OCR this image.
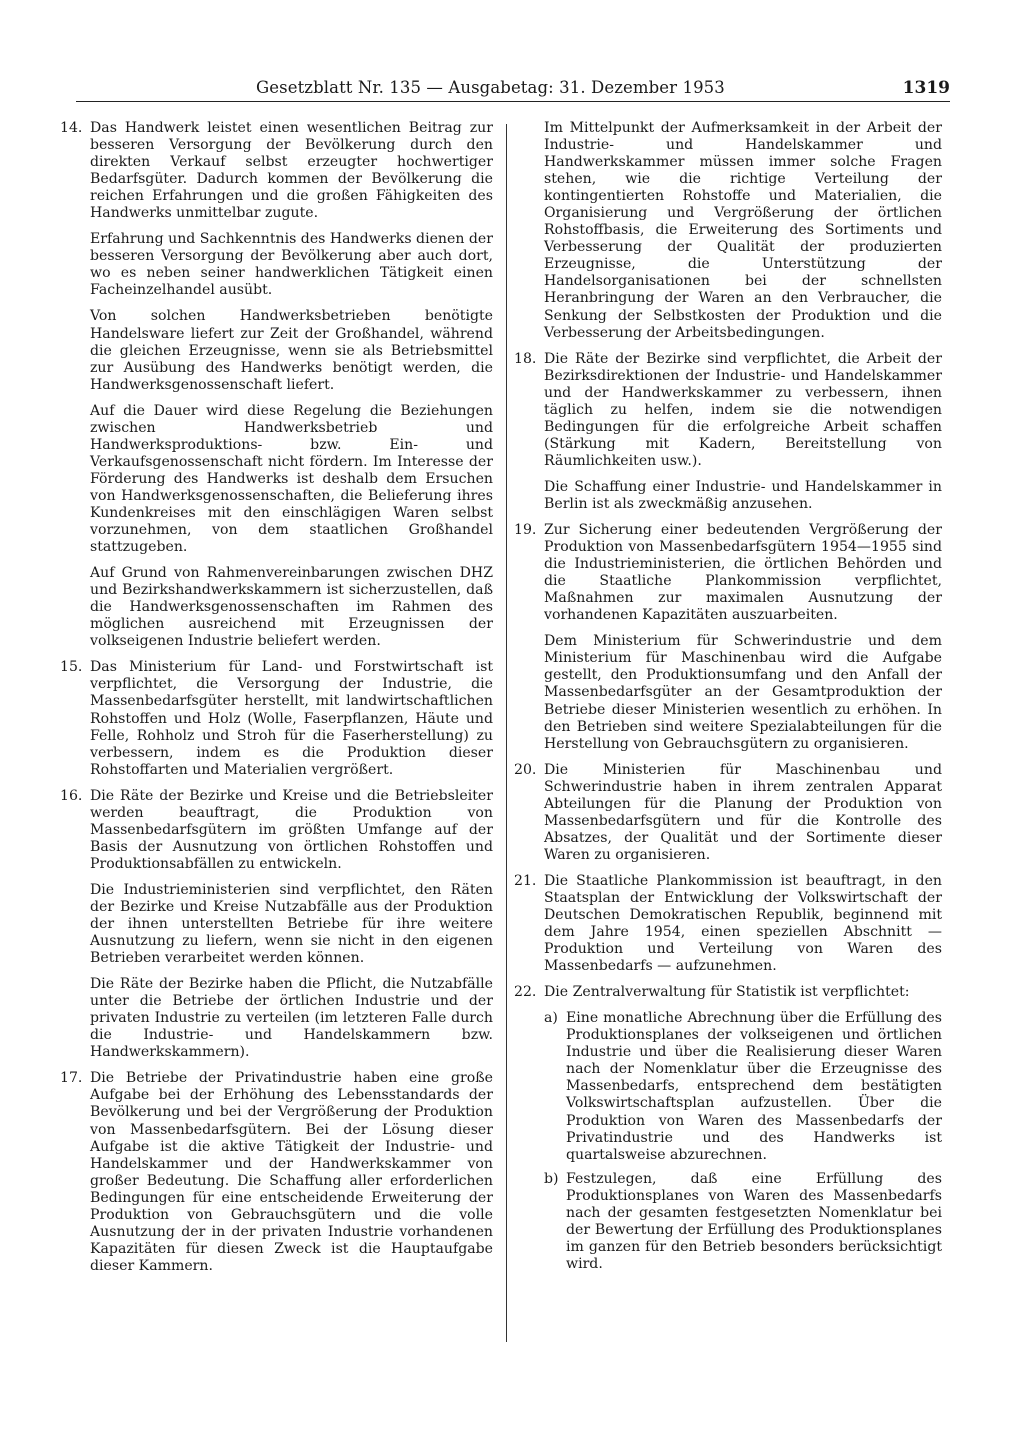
Gesetzblatt Nr. 135 — Ausgabetag: 31. Dezember 1953	1319
14. Das Handwerk leistet einen wesentlichen Beitrag zur besseren Versorgung der Bevölkerung durch den direkten Verkauf selbst erzeugter hochwertiger Bedarfsgüter. Dadurch kommen der Bevölkerung die reichen Erfahrungen und die großen Fähigkeiten des Handwerks unmittelbar zugute.

Erfahrung und Sachkenntnis des Handwerks dienen der besseren Versorgung der Bevölkerung aber auch dort, wo es neben seiner handwerklichen Tätigkeit einen Facheinzelhandel ausübt.

Von solchen Handwerksbetrieben benötigte Handelsware liefert zur Zeit der Großhandel, während die gleichen Erzeugnisse, wenn sie als Betriebsmittel zur Ausübung des Handwerks benötigt werden, die Handwerksgenossenschaft liefert.

Auf die Dauer wird diese Regelung die Beziehungen zwischen Handwerksbetrieb und Handwerksproduktions- bzw. Ein- und Verkaufsgenossenschaft nicht fördern. Im Interesse der Förderung des Handwerks ist deshalb dem Ersuchen von Handwerksgenossenschaften, die Belieferung ihres Kundenkreises mit den einschlägigen Waren selbst vorzunehmen, von dem staatlichen Großhandel stattzugeben.

Auf Grund von Rahmenvereinbarungen zwischen DHZ und Bezirkshandwerkskammern ist sicherzustellen, daß die Handwerksgenossenschaften im Rahmen des möglichen ausreichend mit Erzeugnissen der volkseigenen Industrie beliefert werden.

15. Das Ministerium für Land- und Forstwirtschaft ist verpflichtet, die Versorgung der Industrie, die Massenbedarfsgüter herstellt, mit landwirtschaftlichen Rohstoffen und Holz (Wolle, Faserpflanzen, Häute und Felle, Rohholz und Stroh für die Faserherstellung) zu verbessern, indem es die Produktion dieser Rohstoffarten und Materialien vergrößert.

16. Die Räte der Bezirke und Kreise und die Betriebsleiter werden beauftragt, die Produktion von Massenbedarfsgütern im größten Umfange auf der Basis der Ausnutzung von örtlichen Rohstoffen und Produktionsabfällen zu entwickeln.

Die Industrieministerien sind verpflichtet, den Räten der Bezirke und Kreise Nutzabfälle aus der Produktion der ihnen unterstellten Betriebe für ihre weitere Ausnutzung zu liefern, wenn sie nicht in den eigenen Betrieben verarbeitet werden können.

Die Räte der Bezirke haben die Pflicht, die Nutzabfälle unter die Betriebe der örtlichen Industrie und der privaten Industrie zu verteilen (im letzteren Falle durch die Industrie- und Handelskammern bzw. Handwerkskammern).

17. Die Betriebe der Privatindustrie haben eine große Aufgabe bei der Erhöhung des Lebensstandards der Bevölkerung und bei der Vergrößerung der Produktion von Massenbedarfsgütern. Bei der Lösung dieser Aufgabe ist die aktive Tätigkeit der Industrie- und Handelskammer und der Handwerkskammer von großer Bedeutung. Die Schaffung aller erforderlichen Bedingungen für eine entscheidende Erweiterung der Produktion von Gebrauchsgütern und die volle Ausnutzung der in der privaten Industrie vorhandenen Kapazitäten für diesen Zweck ist die Hauptaufgabe dieser Kammern.

Im Mittelpunkt der Aufmerksamkeit in der Arbeit der Industrie- und Handelskammer und Handwerkskammer müssen immer solche Fragen stehen, wie die richtige Verteilung der kontingentierten Rohstoffe und Materialien, die Organisierung und Vergrößerung der örtlichen Rohstoffbasis, die Erweiterung des Sortiments und Verbesserung der Qualität der produzierten Erzeugnisse, die Unterstützung der Handelsorganisationen bei der schnellsten Heranbringung der Waren an den Verbraucher, die Senkung der Selbstkosten der Produktion und die Verbesserung der Arbeitsbedingungen.

18. Die Räte der Bezirke sind verpflichtet, die Arbeit der Bezirksdirektionen der Industrie- und Handelskammer und der Handwerkskammer zu verbessern, ihnen täglich zu helfen, indem sie die notwendigen Bedingungen für die erfolgreiche Arbeit schaffen (Stärkung mit Kadern, Bereitstellung von Räumlichkeiten usw.).

Die Schaffung einer Industrie- und Handelskammer in Berlin ist als zweckmäßig anzusehen.

19. Zur Sicherung einer bedeutenden Vergrößerung der Produktion von Massenbedarfsgütern 1954—1955 sind die Industrieministerien, die örtlichen Behörden und die Staatliche Plankommission verpflichtet, Maßnahmen zur maximalen Ausnutzung der vorhandenen Kapazitäten auszuarbeiten.

Dem Ministerium für Schwerindustrie und dem Ministerium für Maschinenbau wird die Aufgabe gestellt, den Produktionsumfang und den Anfall der Massenbedarfsgüter an der Gesamtproduktion der Betriebe dieser Ministerien wesentlich zu erhöhen. In den Betrieben sind weitere Spezialabteilungen für die Herstellung von Gebrauchsgütern zu organisieren.

20. Die Ministerien für Maschinenbau und Schwerindustrie haben in ihrem zentralen Apparat Abteilungen für die Planung der Produktion von Massenbedarfsgütern und für die Kontrolle des Absatzes, der Qualität und der Sortimente dieser Waren zu organisieren.

21. Die Staatliche Plankommission ist beauftragt, in den Staatsplan der Entwicklung der Volkswirtschaft der Deutschen Demokratischen Republik, beginnend mit dem Jahre 1954, einen speziellen Abschnitt — Produktion und Verteilung von Waren des Massenbedarfs — aufzunehmen.

22. Die Zentralverwaltung für Statistik ist verpflichtet:

a) Eine monatliche Abrechnung über die Erfüllung des Produktionsplanes der volkseigenen und örtlichen Industrie und über die Realisierung dieser Waren nach der Nomenklatur über die Erzeugnisse des Massenbedarfs, entsprechend dem bestätigten Volkswirtschaftsplan aufzustellen. Über die Produktion von Waren des Massenbedarfs der Privatindustrie und des Handwerks ist quartalsweise abzurechnen.
b) Festzulegen, daß eine Erfüllung des Produktionsplanes von Waren des Massenbedarfs nach der gesamten festgesetzten Nomenklatur bei der Bewertung der Erfüllung des Produktionsplanes im ganzen für den Betrieb besonders berücksichtigt wird.
